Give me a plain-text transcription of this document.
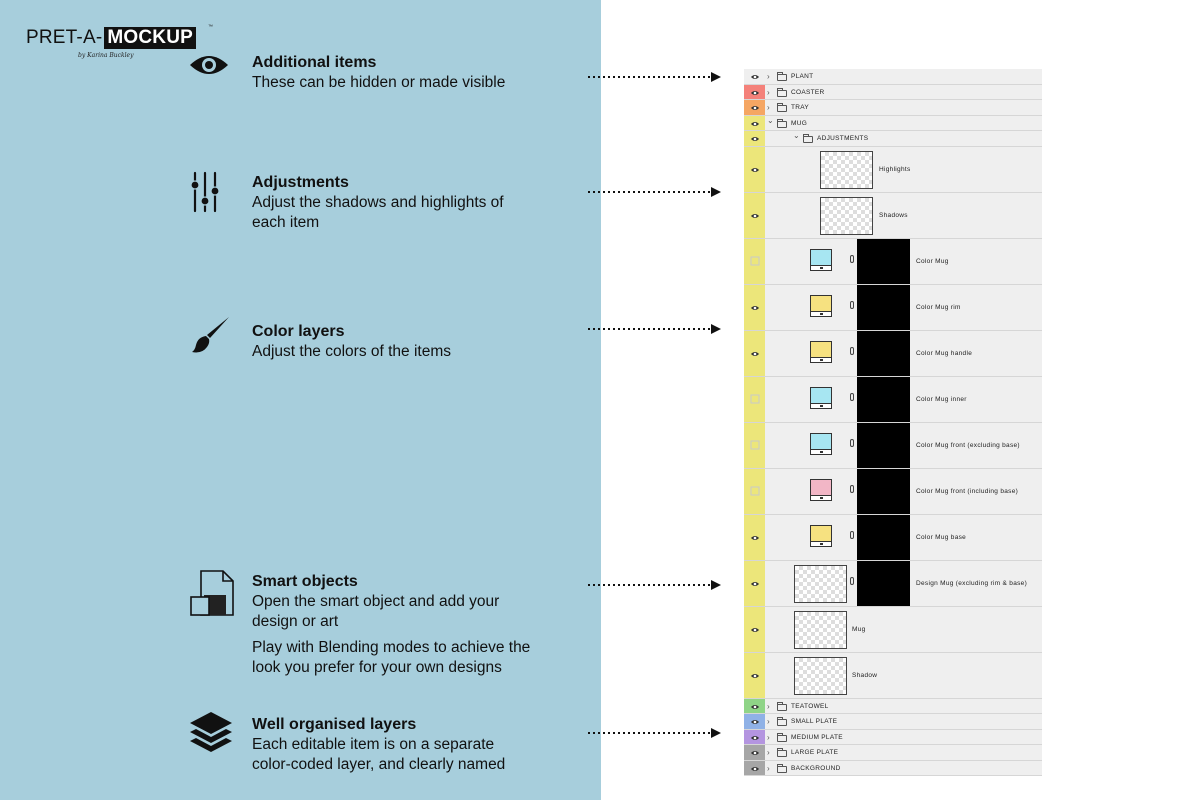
PRET-A- MOCKUP	™
by Karina Buckley	Additional items
These can be hidden or made visible
Adjustments
Adjust the shadows and highlights of
each item
Color layers
Adjust the colors of the items
Smart objects
Open the smart object and add your
design or art
Play with Blending modes to achieve the
look you prefer for your own designs
Well organised layers
Each editable item is on a separate
color-coded layer, and clearly named
›	PLANT
›	COASTER
›	TRAY
⌄	MUG
⌄	ADJUSTMENTS
Highlights
Shadows
Color Mug
Color Mug rim
Color Mug handle
Color Mug inner
Color Mug front (excluding base)
Color Mug front (including base)
Color Mug base
Design Mug (excluding rim & base)
Mug
Shadow
›	TEATOWEL
›	SMALL PLATE
›	MEDIUM PLATE
›	LARGE PLATE
›	BACKGROUND
